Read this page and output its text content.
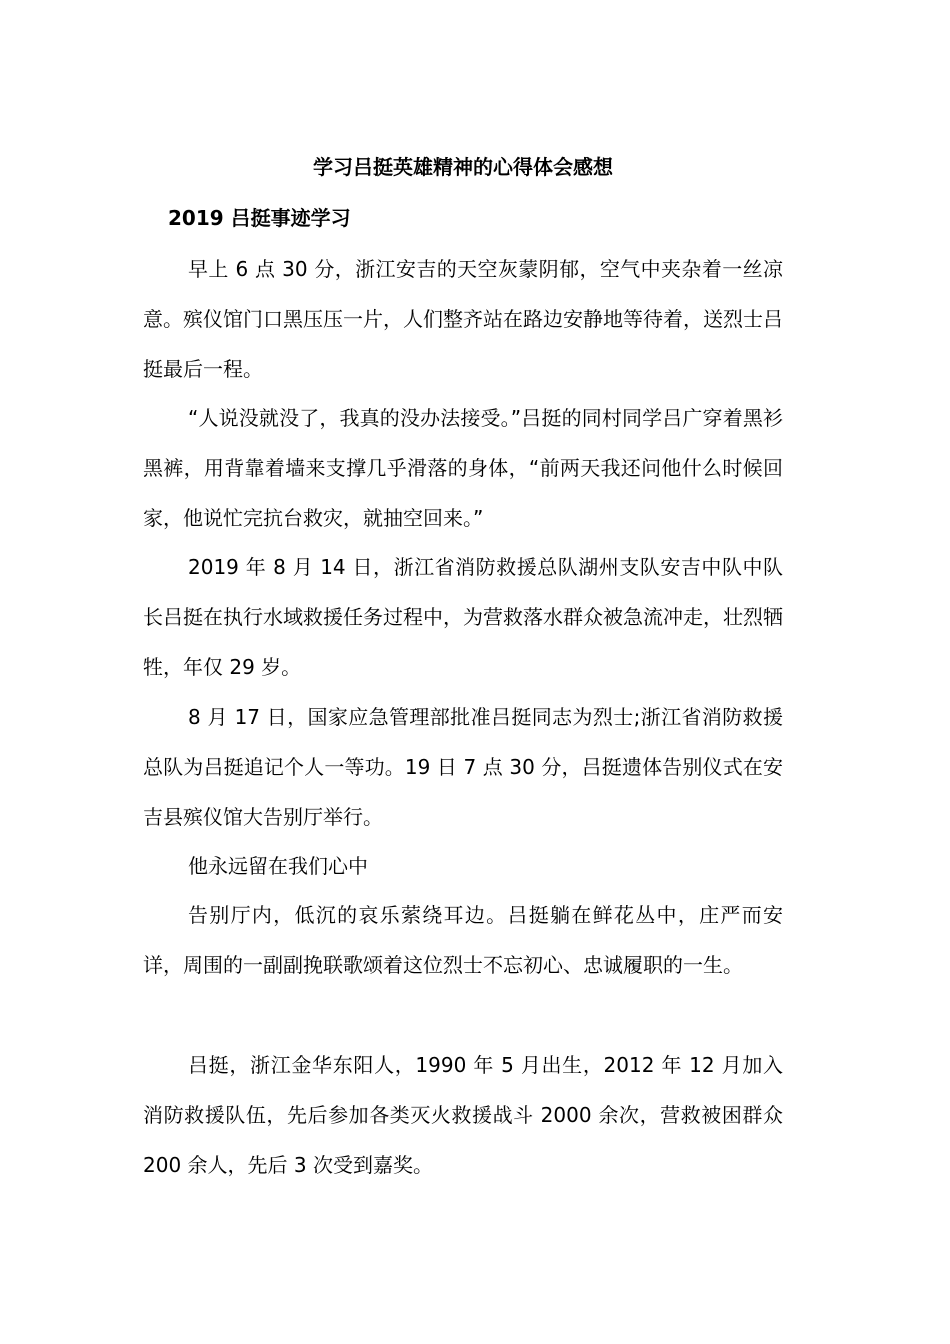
学习吕挺英雄精神的心得体会感想
2019 吕挺事迹学习

早上 6 点 30 分，浙江安吉的天空灰蒙阴郁，空气中夹杂着一丝凉意。殡仪馆门口黑压压一片，人们整齐站在路边安静地等待着，送烈士吕挺最后一程。

“人说没就没了，我真的没办法接受。”吕挺的同村同学吕广穿着黑衫黑裤，用背靠着墙来支撑几乎滑落的身体，“前两天我还问他什么时候回家，他说忙完抗台救灾，就抽空回来。”

2019 年 8 月 14 日，浙江省消防救援总队湖州支队安吉中队中队长吕挺在执行水域救援任务过程中，为营救落水群众被急流冲走，壮烈牺牲，年仅 29 岁。

8 月 17 日，国家应急管理部批准吕挺同志为烈士;浙江省消防救援总队为吕挺追记个人一等功。19 日 7 点 30 分，吕挺遗体告别仪式在安吉县殡仪馆大告别厅举行。

他永远留在我们心中

告别厅内，低沉的哀乐萦绕耳边。吕挺躺在鲜花丛中，庄严而安详，周围的一副副挽联歌颂着这位烈士不忘初心、忠诚履职的一生。

吕挺，浙江金华东阳人，1990 年 5 月出生，2012 年 12 月加入消防救援队伍，先后参加各类灭火救援战斗 2000 余次，营救被困群众 200 余人，先后 3 次受到嘉奖。
